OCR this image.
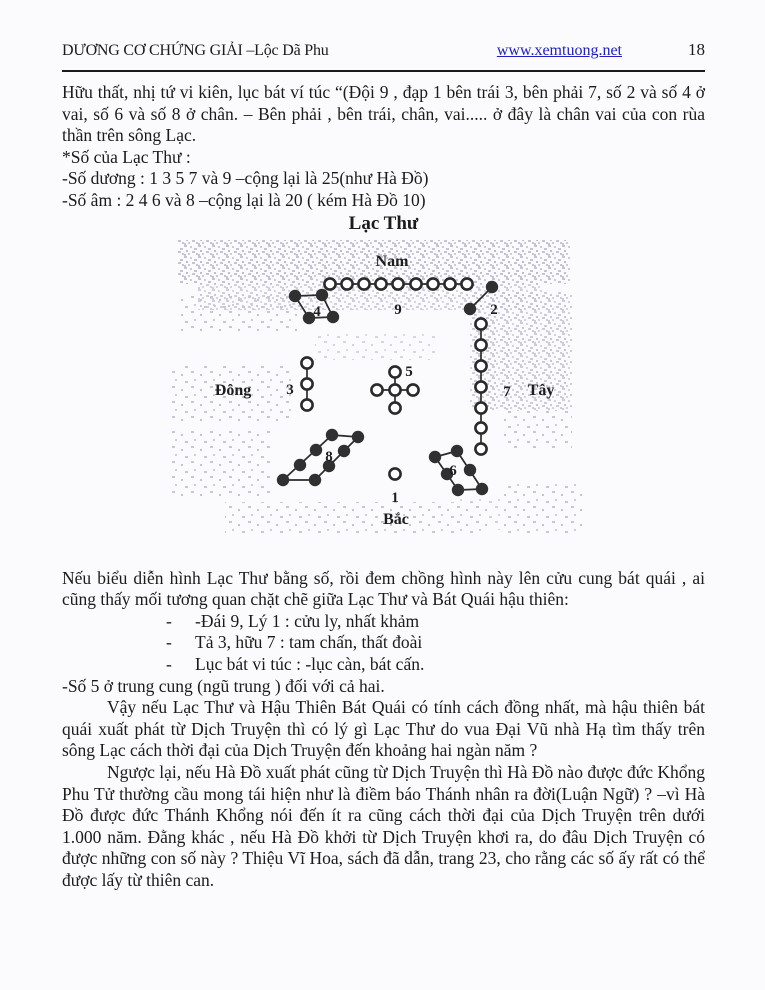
DƯƠNG CƠ CHỨNG GIẢI –Lộc Dã Phu	www.xemtuong.net	18

Hữu thất, nhị tứ vi kiên, lục bát ví túc “(Đội 9 , đạp 1 bên trái 3, bên phải 7, số 2 và số 4 ở vai, số 6 và số 8 ở chân. – Bên phải , bên trái, chân, vai..... ở đây là chân vai của con rùa thần trên sông Lạc.

*Số của Lạc Thư :

-Số dương : 1 3 5 7 và 9 –cộng lại là 25(như Hà Đồ)

-Số âm : 2 4 6 và 8 –cộng lại là 20 ( kém Hà Đồ 10)

Lạc Thư

Nam
Đông	Tây
Bắc
9
4	2
3
5
7
8
1
6

Nếu biểu diễn hình Lạc Thư bằng số, rồi đem chồng hình này lên cửu cung bát quái , ai cũng thấy mối tương quan chặt chẽ giữa Lạc Thư và Bát Quái hậu thiên:

-	-Đái 9, Lý 1 : cửu ly, nhất khảm
-	Tả 3, hữu 7 : tam chấn, thất đoài
-	Lục bát vi túc : -lục càn, bát cấn.

-Số 5 ở trung cung (ngũ trung ) đối với cả hai.

Vậy nếu Lạc Thư và Hậu Thiên Bát Quái có tính cách đồng nhất, mà hậu thiên bát quái xuất phát từ Dịch Truyện thì có lý gì Lạc Thư do vua Đại Vũ nhà Hạ tìm thấy trên sông Lạc cách thời đại của Dịch Truyện đến khoảng hai ngàn năm ?

Ngược lại, nếu Hà Đồ xuất phát cũng từ Dịch Truyện thì Hà Đồ nào được đức Khổng Phu Tử thường cầu mong tái hiện như là điềm báo Thánh nhân ra đời(Luận Ngữ) ? –vì Hà Đồ được đức Thánh Khổng nói đến ít ra cũng cách thời đại của Dịch Truyện trên dưới 1.000 năm. Đằng khác , nếu Hà Đồ khởi từ Dịch Truyện khơi ra, do đâu Dịch Truyện có được những con số này ? Thiệu Vĩ Hoa, sách đã dẫn, trang 23, cho rằng các số ấy rất có thể được lấy từ thiên can.
